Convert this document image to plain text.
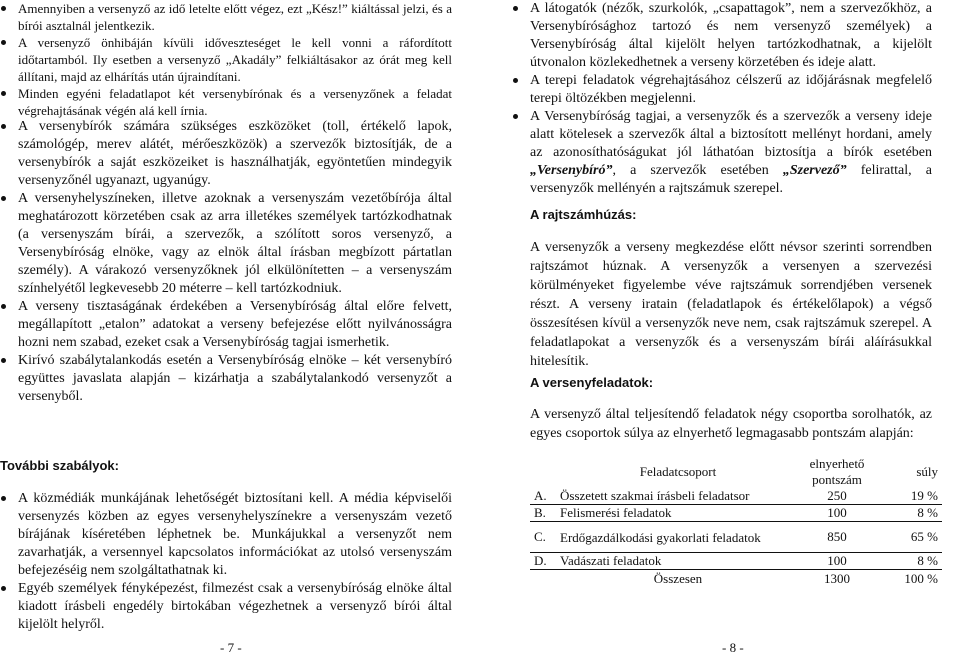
Amennyiben a versenyző az idő letelte előtt végez, ezt „Kész!” kiáltással jelzi, és a bírói asztalnál jelentkezik.
A versenyző önhibáján kívüli időveszteséget le kell vonni a ráfordított időtartamból. Ily esetben a versenyző „Akadály” felkiáltásakor az órát meg kell állítani, majd az elhárítás után újraindítani.
Minden egyéni feladatlapot két versenybírónak és a versenyzőnek a feladat végrehajtásának végén alá kell írnia.
A versenybírók számára szükséges eszközöket (toll, értékelő lapok, számológép, merev alátét, mérőeszközök) a szervezők biztosítják, de a versenybírók a saját eszközeiket is használhatják, egyöntetűen mindegyik versenyzőnél ugyanazt, ugyanúgy.
A versenyhelyszíneken, illetve azoknak a versenyszám vezetőbírója által meghatározott körzetében csak az arra illetékes személyek tartózkodhatnak (a versenyszám bírái, a szervezők, a szólított soros versenyző, a Versenybíróság elnöke, vagy az elnök által írásban megbízott pártatlan személy). A várakozó versenyzőknek jól elkülönítetten – a versenyszám színhelyétől legkevesebb 20 méterre – kell tartózkodniuk.
A verseny tisztaságának érdekében a Versenybíróság által előre felvett, megállapított „etalon” adatokat a verseny befejezése előtt nyilvánosságra hozni nem szabad, ezeket csak a Versenybíróság tagjai ismerhetik.
Kirívó szabálytalankodás esetén a Versenybíróság elnöke – két versenybíró együttes javaslata alapján – kizárhatja a szabálytalankodó versenyzőt a versenyből.
További szabályok:
A közmédiák munkájának lehetőségét biztosítani kell. A média képviselői versenyzés közben az egyes versenyhelyszínekre a versenyszám vezető bírájának kíséretében léphetnek be. Munkájukkal a versenyzőt nem zavarhatják, a versennyel kapcsolatos információkat az utolsó versenyszám befejezéséig nem szolgáltathatnak ki.
Egyéb személyek fényképezést, filmezést csak a versenybíróság elnöke által kiadott írásbeli engedély birtokában végezhetnek a versenyző bírói által kijelölt helyről.
- 7 -
A látogatók (nézők, szurkolók, „csapattagok”, nem a szervezőkhöz, a Versenybírósághoz tartozó és nem versenyző személyek) a Versenybíróság által kijelölt helyen tartózkodhatnak, a kijelölt útvonalon közlekedhetnek a verseny körzetében és ideje alatt.
A terepi feladatok végrehajtásához célszerű az időjárásnak megfelelő terepi öltözékben megjelenni.
A Versenybíróság tagjai, a versenyzők és a szervezők a verseny ideje alatt kötelesek a szervezők által a biztosított mellényt hordani, amely az azonosíthatóságukat jól láthatóan biztosítja a bírók esetében „Versenybíró”, a szervezők esetében „Szervező” felirattal, a versenyzők mellényén a rajtszámuk szerepel.
A rajtszámhúzás:
A versenyzők a verseny megkezdése előtt névsor szerinti sorrendben rajtszámot húznak. A versenyzők a versenyen a szervezési körülményeket figyelembe véve rajtszámuk sorrendjében versenek részt. A verseny iratain (feladatlapok és értékelőlapok) a végső összesítésen kívül a versenyzők neve nem, csak rajtszámuk szerepel. A feladatlapokat a versenyzők és a versenyszám bírái aláírásukkal hitelesítik.
A versenyfeladatok:
A versenyző által teljesítendő feladatok négy csoportba sorolhatók, az egyes csoportok súlya az elnyerhető legmagasabb pontszám alapján:
- 8 -
	Feladatcsoport	elnyerhető pontszám	súly
A.	Összetett szakmai írásbeli feladatsor	250	19 %
B.	Felismerési feladatok	100	8 %
C.	Erdőgazdálkodási gyakorlati feladatok	850	65 %
D.	Vadászati feladatok	100	8 %
	Összesen	1300	100 %
